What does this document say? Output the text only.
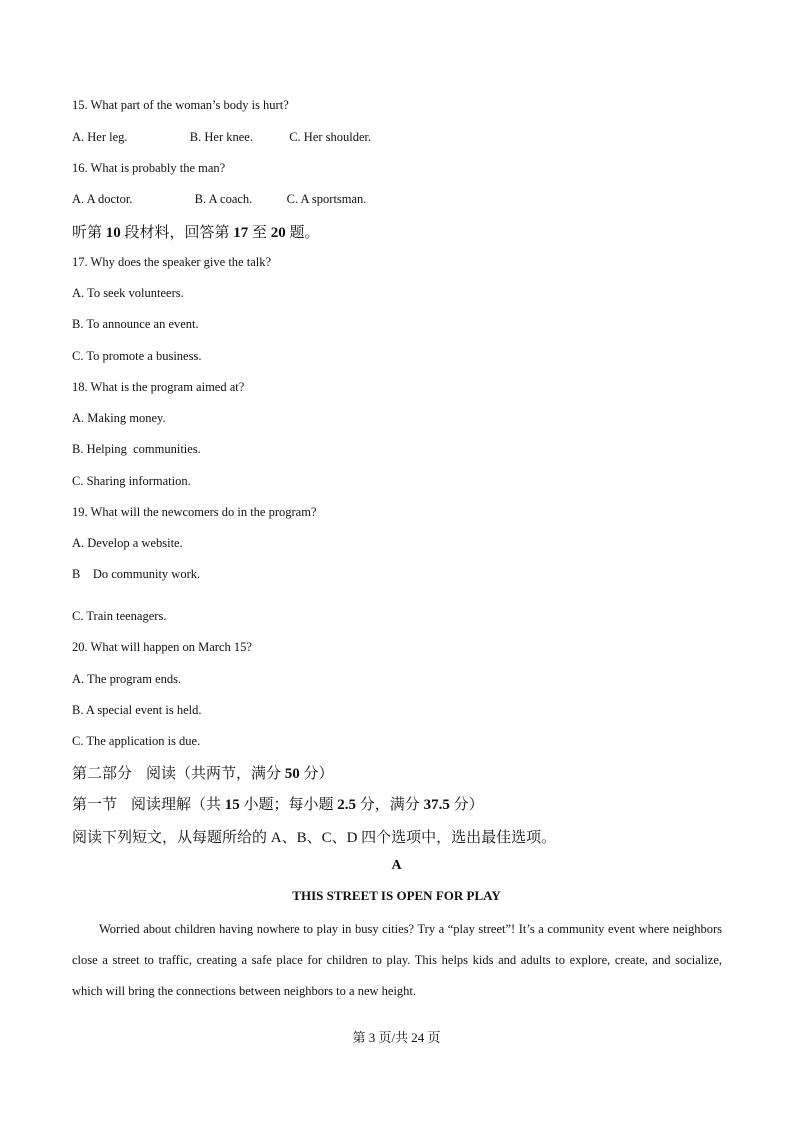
15. What part of the woman’s body is hurt?
A. Her leg.	B. Her knee.	C. Her shoulder.
16. What is probably the man?
A. A doctor.	B. A coach.	C. A sportsman.
听第 10 段材料，回答第 17 至 20 题。
17. Why does the speaker give the talk?
A. To seek volunteers.
B. To announce an event.
C. To promote a business.
18. What is the program aimed at?
A. Making money.
B. Helping  communities.
C. Sharing information.
19. What will the newcomers do in the program?
A. Develop a website.
B    Do community work.
C. Train teenagers.
20. What will happen on March 15?
A. The program ends.
B. A special event is held.
C. The application is due.
第二部分 阅读（共两节，满分 50 分）
第一节 阅读理解（共 15 小题；每小题 2.5 分，满分 37.5 分）
阅读下列短文，从每题所给的 A、B、C、D 四个选项中，选出最佳选项。
A
THIS STREET IS OPEN FOR PLAY
Worried about children having nowhere to play in busy cities? Try a “play street”! It’s a community event where neighbors close a street to traffic, creating a safe place for children to play. This helps kids and adults to explore, create, and socialize, which will bring the connections between neighbors to a new height.
第 3 页/共 24 页
